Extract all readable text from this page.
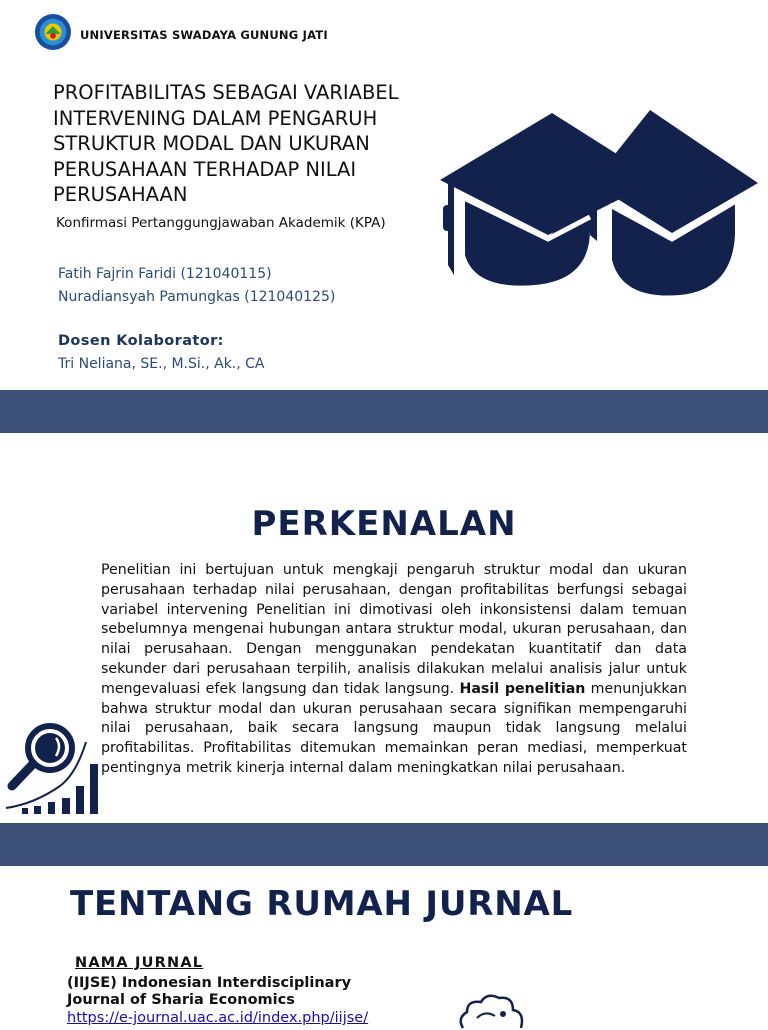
UNIVERSITAS SWADAYA GUNUNG JATI
PROFITABILITAS SEBAGAI VARIABEL
INTERVENING DALAM PENGARUH
STRUKTUR MODAL DAN UKURAN
PERUSAHAAN TERHADAP NILAI
PERUSAHAAN
Konfirmasi Pertanggungjawaban Akademik (KPA)
Fatih Fajrin Faridi (121040115)
Nuradiansyah Pamungkas (121040125)
Dosen Kolaborator:
Tri Neliana, SE., M.Si., Ak., CA
PERKENALAN
Penelitian ini bertujuan untuk mengkaji pengaruh struktur modal dan ukuran perusahaan terhadap nilai perusahaan, dengan profitabilitas berfungsi sebagai variabel intervening Penelitian ini dimotivasi oleh inkonsistensi dalam temuan sebelumnya mengenai hubungan antara struktur modal, ukuran perusahaan, dan nilai perusahaan. Dengan menggunakan pendekatan kuantitatif dan data sekunder dari perusahaan terpilih, analisis dilakukan melalui analisis jalur untuk mengevaluasi efek langsung dan tidak langsung. Hasil penelitian menunjukkan bahwa struktur modal dan ukuran perusahaan secara signifikan mempengaruhi nilai perusahaan, baik secara langsung maupun tidak langsung melalui profitabilitas. Profitabilitas ditemukan memainkan peran mediasi, memperkuat pentingnya metrik kinerja internal dalam meningkatkan nilai perusahaan.
TENTANG RUMAH JURNAL
NAMA JURNAL
(IIJSE) Indonesian Interdisciplinary Journal of Sharia Economics
https://e-journal.uac.ac.id/index.php/iijse/
